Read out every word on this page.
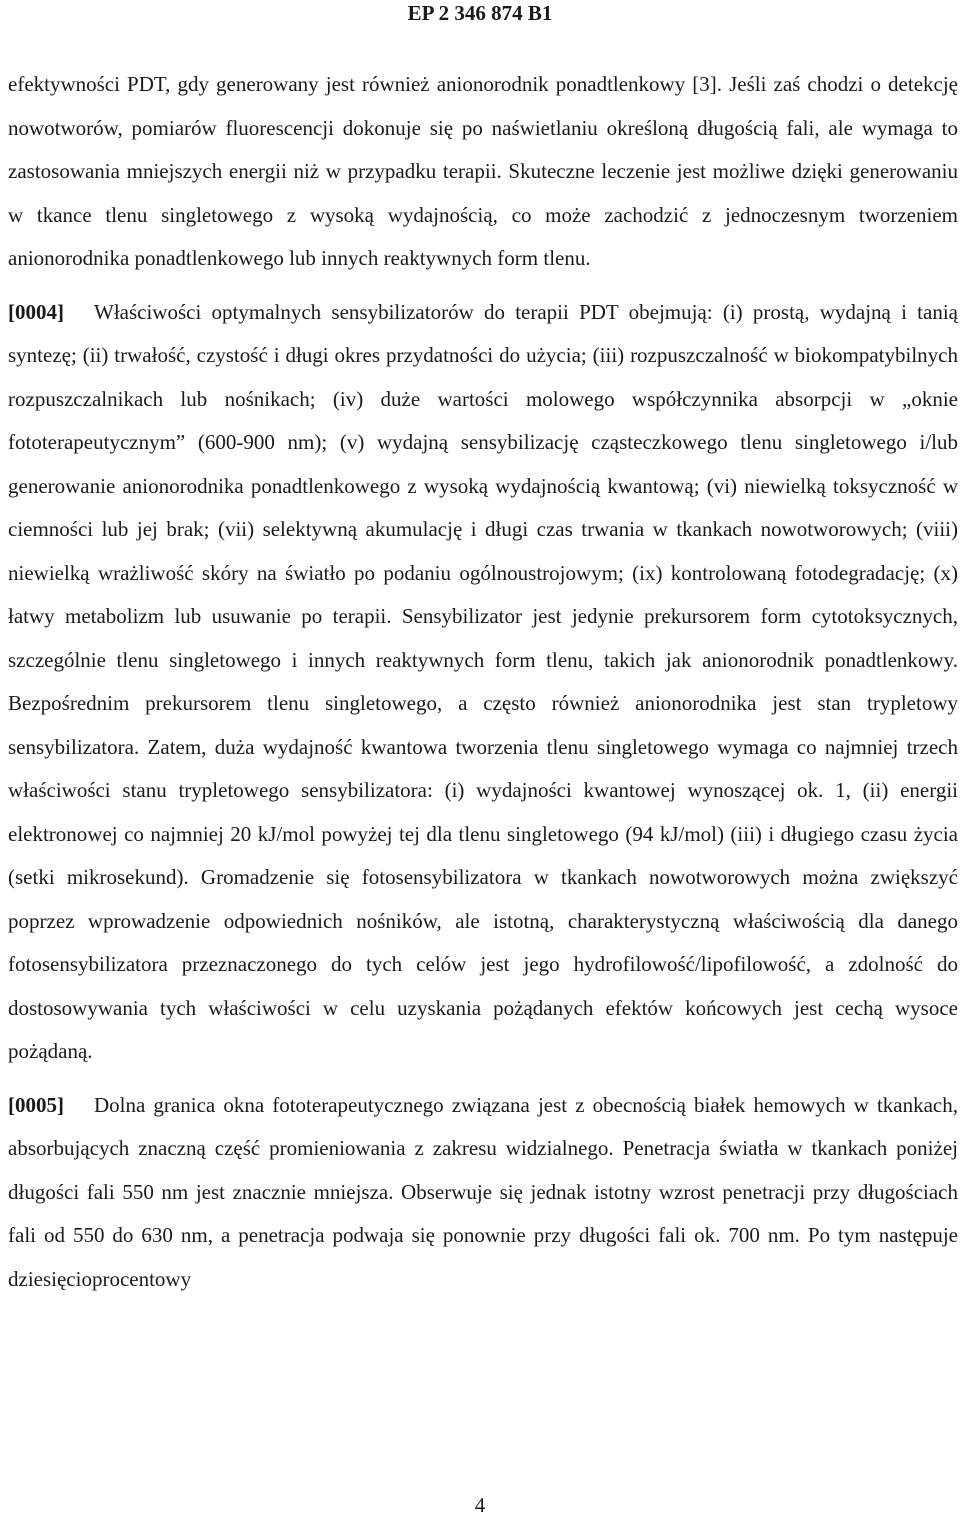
EP 2 346 874 B1

efektywności PDT, gdy generowany jest również anionorodnik ponadtlenkowy [3]. Jeśli zaś chodzi o detekcję nowotworów, pomiarów fluorescencji dokonuje się po naświetlaniu określoną długością fali, ale wymaga to zastosowania mniejszych energii niż w przypadku terapii. Skuteczne leczenie jest możliwe dzięki generowaniu w tkance tlenu singletowego z wysoką wydajnością, co może zachodzić z jednoczesnym tworzeniem anionorodnika ponadtlenkowego lub innych reaktywnych form tlenu.

[0004] Właściwości optymalnych sensybilizatorów do terapii PDT obejmują: (i) prostą, wydajną i tanią syntezę; (ii) trwałość, czystość i długi okres przydatności do użycia; (iii) rozpuszczalność w biokompatybilnych rozpuszczalnikach lub nośnikach; (iv) duże wartości molowego współczynnika absorpcji w „oknie fototerapeutycznym” (600-900 nm); (v) wydajną sensybilizację cząsteczkowego tlenu singletowego i/lub generowanie anionorodnika ponadtlenkowego z wysoką wydajnością kwantową; (vi) niewielką toksyczność w ciemności lub jej brak; (vii) selektywną akumulację i długi czas trwania w tkankach nowotworowych; (viii) niewielką wrażliwość skóry na światło po podaniu ogólnoustrojowym; (ix) kontrolowaną fotodegradację; (x) łatwy metabolizm lub usuwanie po terapii. Sensybilizator jest jedynie prekursorem form cytotoksycznych, szczególnie tlenu singletowego i innych reaktywnych form tlenu, takich jak anionorodnik ponadtlenkowy. Bezpośrednim prekursorem tlenu singletowego, a często również anionorodnika jest stan trypletowy sensybilizatora. Zatem, duża wydajność kwantowa tworzenia tlenu singletowego wymaga co najmniej trzech właściwości stanu trypletowego sensybilizatora: (i) wydajności kwantowej wynoszącej ok. 1, (ii) energii elektronowej co najmniej 20 kJ/mol powyżej tej dla tlenu singletowego (94 kJ/mol) (iii) i długiego czasu życia (setki mikrosekund). Gromadzenie się fotosensybilizatora w tkankach nowotworowych można zwiększyć poprzez wprowadzenie odpowiednich nośników, ale istotną, charakterystyczną właściwością dla danego fotosensybilizatora przeznaczonego do tych celów jest jego hydrofilowość/lipofilowość, a zdolność do dostosowywania tych właściwości w celu uzyskania pożądanych efektów końcowych jest cechą wysoce pożądaną.

[0005] Dolna granica okna fototerapeutycznego związana jest z obecnością białek hemowych w tkankach, absorbujących znaczną część promieniowania z zakresu widzialnego. Penetracja światła w tkankach poniżej długości fali 550 nm jest znacznie mniejsza. Obserwuje się jednak istotny wzrost penetracji przy długościach fali od 550 do 630 nm, a penetracja podwaja się ponownie przy długości fali ok. 700 nm. Po tym następuje dziesięcioprocentowy

4
